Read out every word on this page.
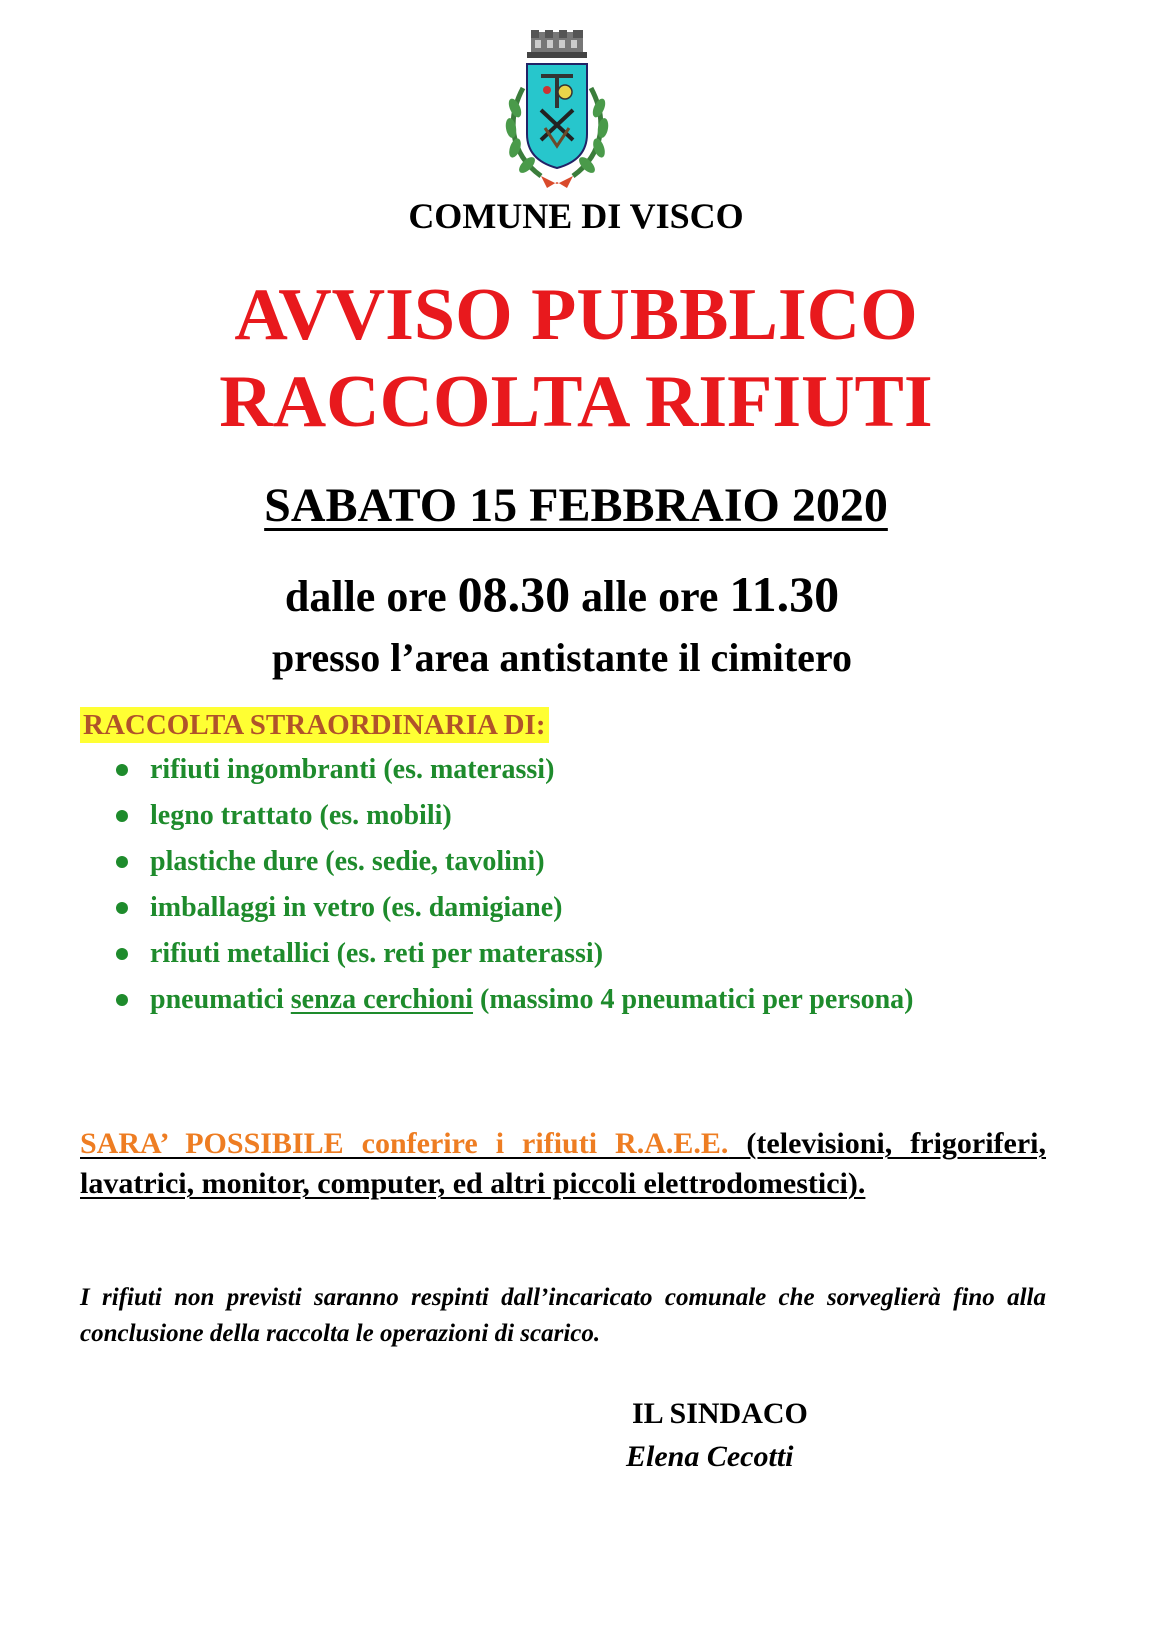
COMUNE DI VISCO
AVVISO PUBBLICO
RACCOLTA RIFIUTI
SABATO 15 FEBBRAIO 2020
dalle ore 08.30 alle ore 11.30
presso l’area antistante il cimitero
RACCOLTA STRAORDINARIA DI:
rifiuti ingombranti (es. materassi)
legno trattato (es. mobili)
plastiche dure (es. sedie, tavolini)
imballaggi in vetro (es. damigiane)
rifiuti metallici (es. reti per materassi)
pneumatici senza cerchioni (massimo 4 pneumatici per persona)
SARA’ POSSIBILE conferire i rifiuti R.A.E.E. (televisioni, frigoriferi, lavatrici, monitor, computer, ed altri piccoli elettrodomestici).
I rifiuti non previsti saranno respinti dall’incaricato comunale che sorveglierà fino alla conclusione della raccolta le operazioni di scarico.
IL SINDACO
Elena Cecotti
